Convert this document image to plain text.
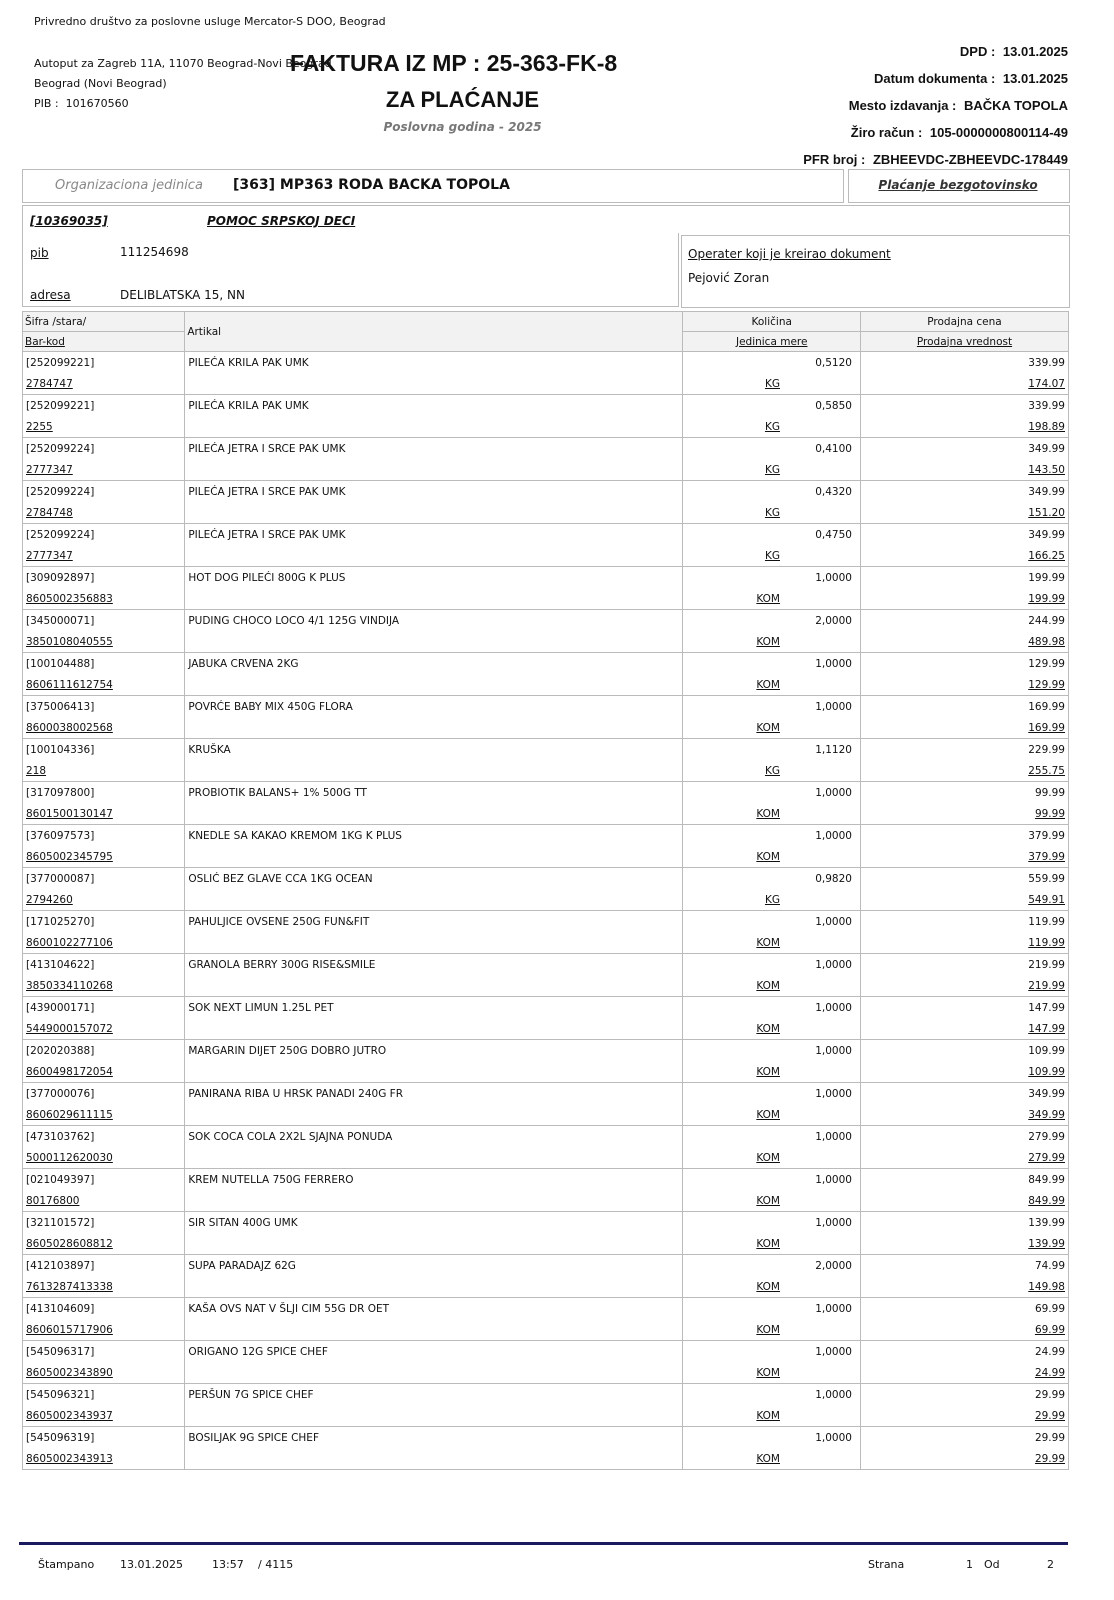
Privredno društvo za poslovne usluge Mercator-S DOO, Beograd
Autoput za Zagreb 11A, 11070 Beograd-Novi Beograd
Beograd (Novi Beograd)
PIB : 101670560
FAKTURA IZ MP : 25-363-FK-8
ZA PLAĆANJE
Poslovna godina - 2025
DPD : 13.01.2025
Datum dokumenta : 13.01.2025
Mesto izdavanja : BAČKA TOPOLA
Žiro račun : 105-0000000800114-49
PFR broj : ZBHEEVDC-ZBHEEVDC-178449
Organizaciona jedinica [363] MP363 RODA BACKA TOPOLA	Plaćanje bezgotovinsko
[10369035]	POMOC SRPSKOJ DECI
pib	111254698
adresa	DELIBLATSKA 15, NN
Operater koji je kreirao dokument
Pejović Zoran
Šifra /stara/	Artikal	Količina	Prodajna cena
Bar-kod		Jedinica mere	Prodajna vrednost
[252099221]	PILEĆA KRILA PAK UMK	0,5120	339.99
2784747		KG	174.07
[252099221]	PILEĆA KRILA PAK UMK	0,5850	339.99
2255		KG	198.89
[252099224]	PILEĆA JETRA I SRCE PAK UMK	0,4100	349.99
2777347		KG	143.50
[252099224]	PILEĆA JETRA I SRCE PAK UMK	0,4320	349.99
2784748		KG	151.20
[252099224]	PILEĆA JETRA I SRCE PAK UMK	0,4750	349.99
2777347		KG	166.25
[309092897]	HOT DOG PILEĆI 800G K PLUS	1,0000	199.99
8605002356883		KOM	199.99
[345000071]	PUDING CHOCO LOCO 4/1 125G VINDIJA	2,0000	244.99
3850108040555		KOM	489.98
[100104488]	JABUKA CRVENA 2KG	1,0000	129.99
8606111612754		KOM	129.99
[375006413]	POVRĆE BABY MIX 450G FLORA	1,0000	169.99
8600038002568		KOM	169.99
[100104336]	KRUŠKA	1,1120	229.99
218		KG	255.75
[317097800]	PROBIOTIK BALANS+ 1% 500G TT	1,0000	99.99
8601500130147		KOM	99.99
[376097573]	KNEDLE SA KAKAO KREMOM 1KG K PLUS	1,0000	379.99
8605002345795		KOM	379.99
[377000087]	OSLIĆ BEZ GLAVE CCA 1KG OCEAN	0,9820	559.99
2794260		KG	549.91
[171025270]	PAHULJICE OVSENE 250G FUN&FIT	1,0000	119.99
8600102277106		KOM	119.99
[413104622]	GRANOLA BERRY 300G RISE&SMILE	1,0000	219.99
3850334110268		KOM	219.99
[439000171]	SOK NEXT LIMUN 1.25L PET	1,0000	147.99
5449000157072		KOM	147.99
[202020388]	MARGARIN DIJET 250G DOBRO JUTRO	1,0000	109.99
8600498172054		KOM	109.99
[377000076]	PANIRANA RIBA U HRSK PANADI 240G FR	1,0000	349.99
8606029611115		KOM	349.99
[473103762]	SOK COCA COLA 2X2L SJAJNA PONUDA	1,0000	279.99
5000112620030		KOM	279.99
[021049397]	KREM NUTELLA 750G FERRERO	1,0000	849.99
80176800		KOM	849.99
[321101572]	SIR SITAN 400G UMK	1,0000	139.99
8605028608812		KOM	139.99
[412103897]	SUPA PARADAJZ 62G	2,0000	74.99
7613287413338		KOM	149.98
[413104609]	KAŠA OVS NAT V ŠLJI CIM 55G DR OET	1,0000	69.99
8606015717906		KOM	69.99
[545096317]	ORIGANO 12G SPICE CHEF	1,0000	24.99
8605002343890		KOM	24.99
[545096321]	PERŠUN 7G SPICE CHEF	1,0000	29.99
8605002343937		KOM	29.99
[545096319]	BOSILJAK 9G SPICE CHEF	1,0000	29.99
8605002343913		KOM	29.99
Štampano 13.01.2025	13:57 / 4115	Strana	1 Od	2
